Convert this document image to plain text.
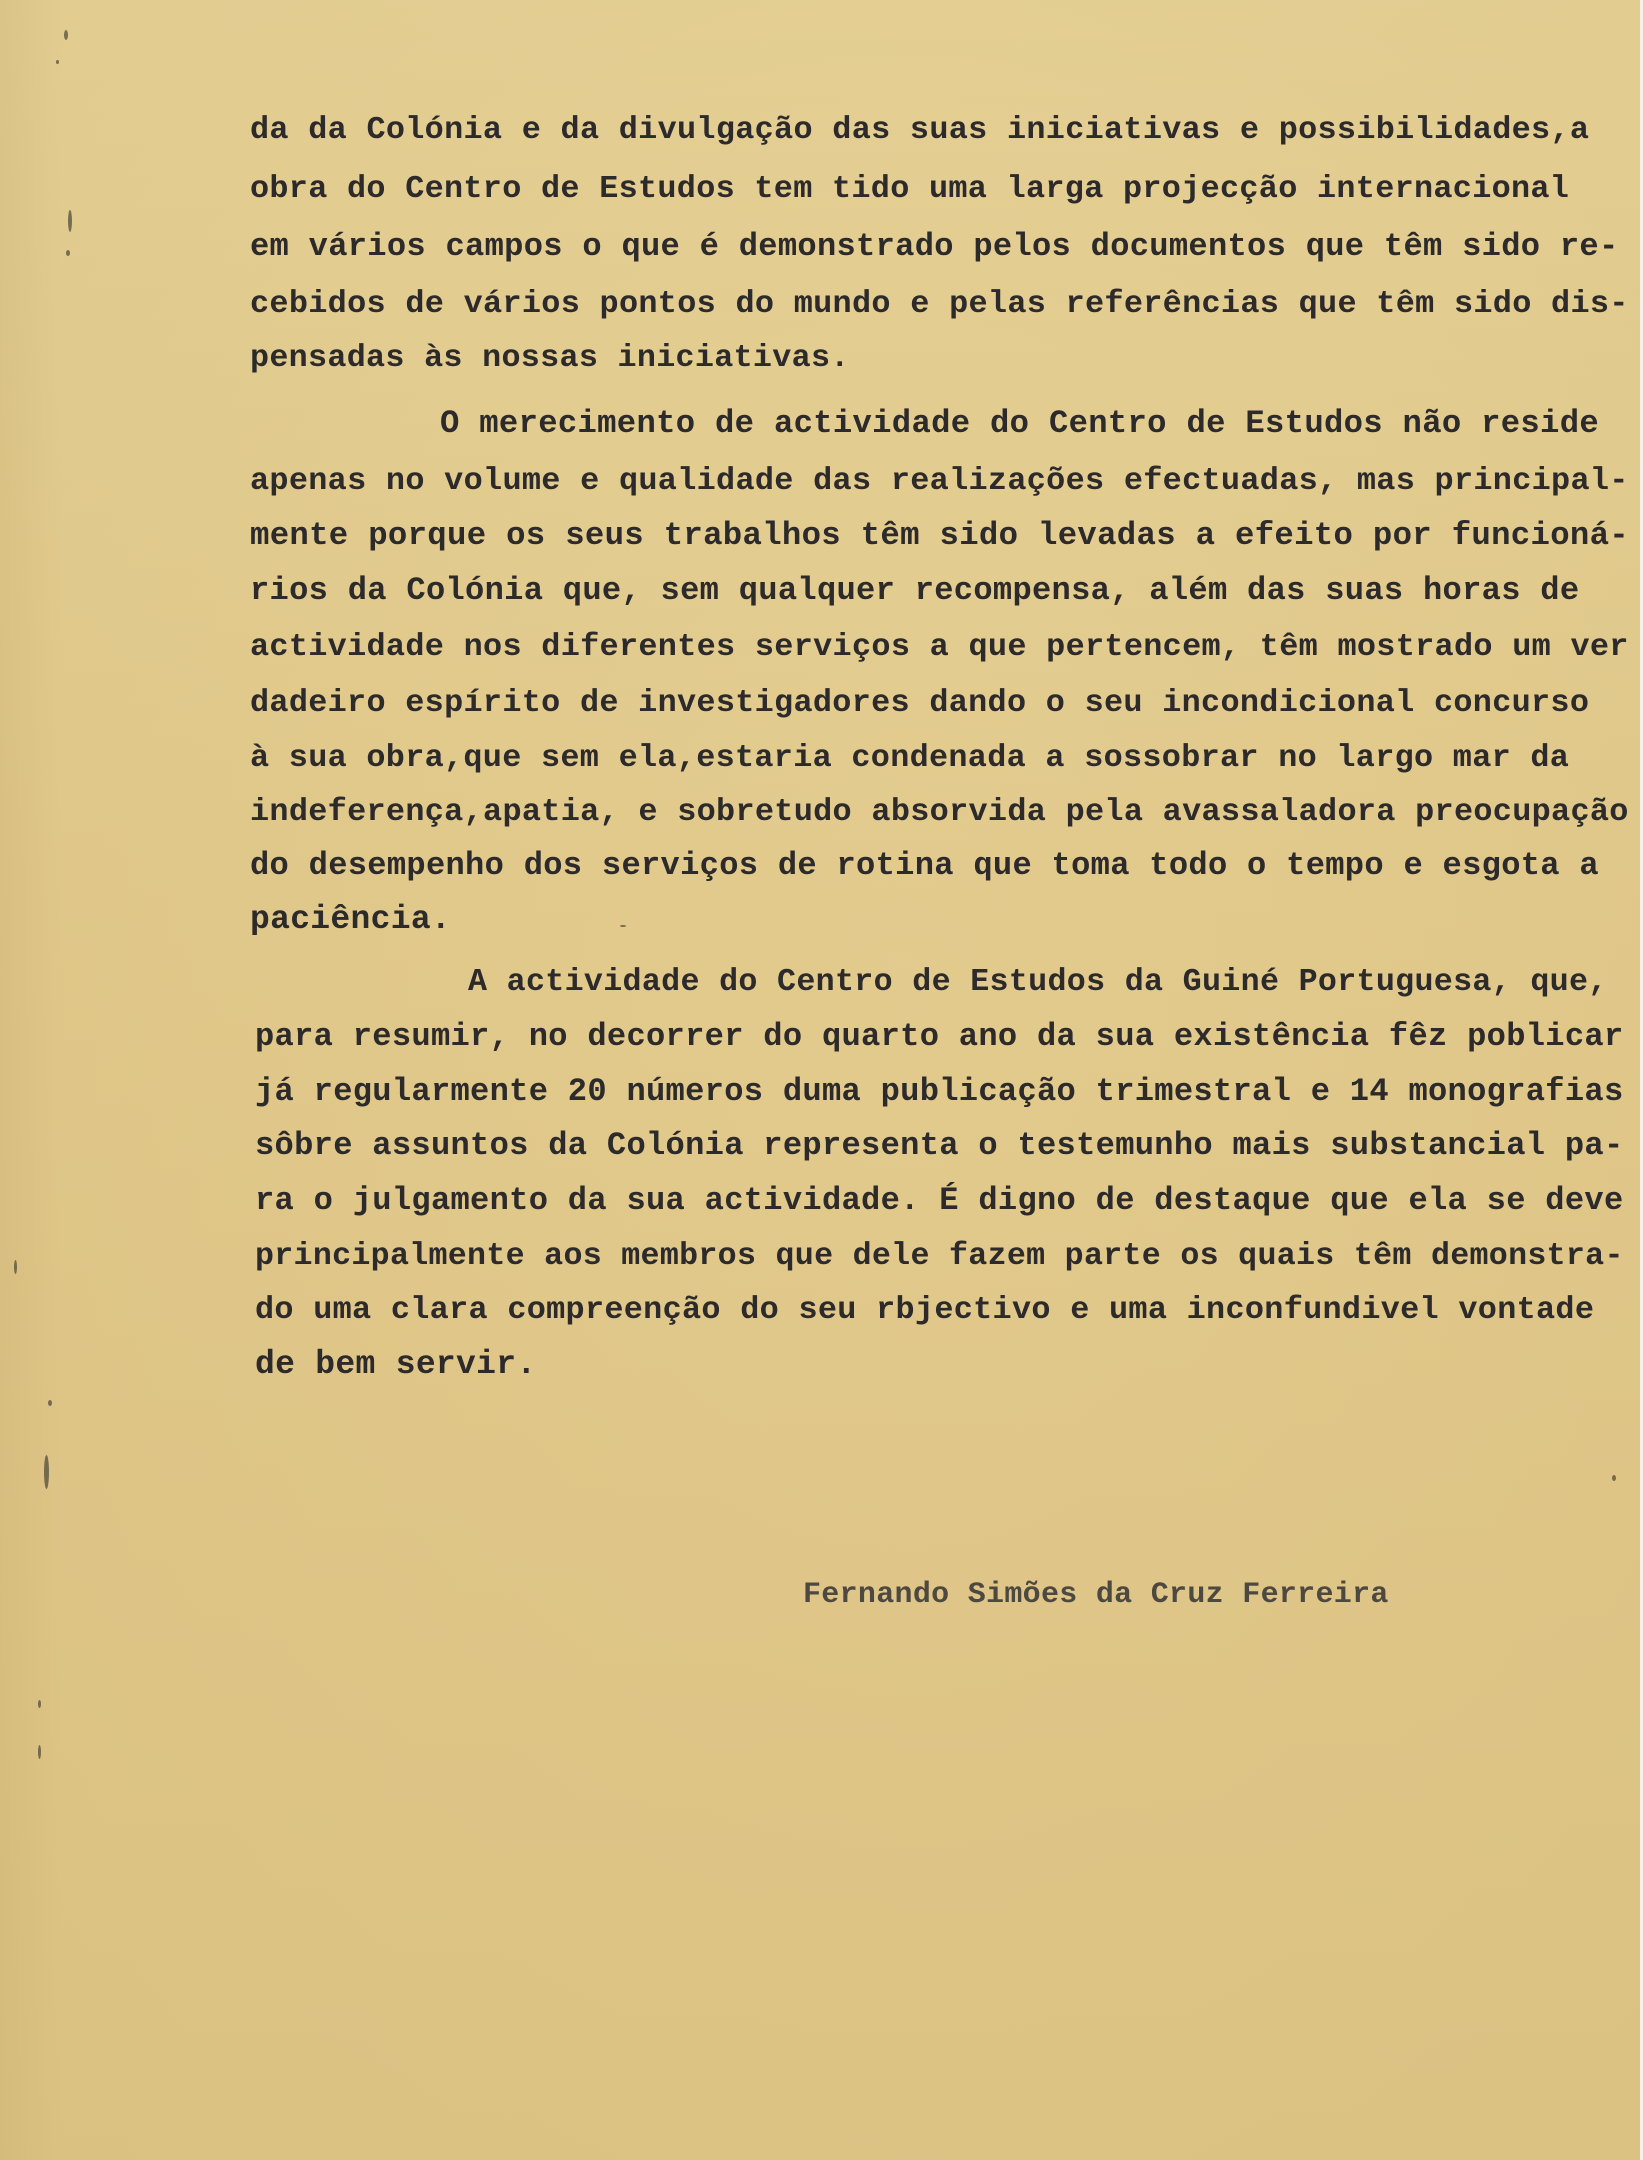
da da Colónia e da divulgação das suas iniciativas e possibilidades,a

obra do Centro de Estudos tem tido uma larga projecção internacional

em vários campos o que é demonstrado pelos documentos que têm sido re-

cebidos de vários pontos do mundo e pelas referências que têm sido dis-

pensadas às nossas iniciativas.

O merecimento de actividade do Centro de Estudos não reside

apenas no volume e qualidade das realizações efectuadas, mas principal-

mente porque os seus trabalhos têm sido levadas a efeito por funcioná-

rios da Colónia que, sem qualquer recompensa, além das suas horas de

actividade nos diferentes serviços a que pertencem, têm mostrado um ver

dadeiro espírito de investigadores dando o seu incondicional concurso

à sua obra,que sem ela,estaria condenada a sossobrar no largo mar da

indeferença,apatia, e sobretudo absorvida pela avassaladora preocupação

do desempenho dos serviços de rotina que toma todo o tempo e esgota a

paciência.

A actividade do Centro de Estudos da Guiné Portuguesa, que,

para resumir, no decorrer do quarto ano da sua existência fêz poblicar

já regularmente 20 números duma publicação trimestral e 14 monografias

sôbre assuntos da Colónia representa o testemunho mais substancial pa-

ra o julgamento da sua actividade. É digno de destaque que ela se deve

principalmente aos membros que dele fazem parte os quais têm demonstra-

do uma clara compreenção do seu rbjectivo e uma inconfundivel vontade

de bem servir.

Fernando Simões da Cruz Ferreira
